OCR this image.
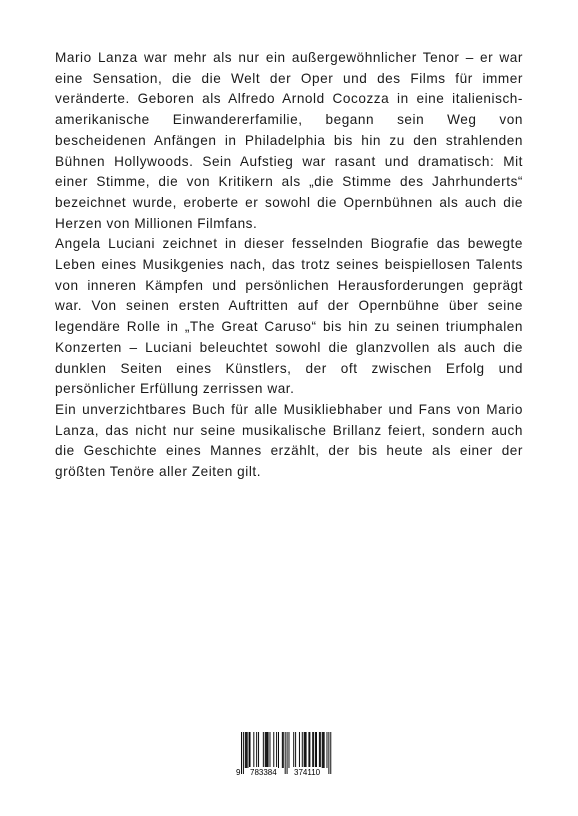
Mario Lanza war mehr als nur ein außergewöhnlicher Tenor – er war eine Sensation, die die Welt der Oper und des Films für immer veränderte. Geboren als Alfredo Arnold Cocozza in eine italienisch-amerikanische Einwandererfamilie, begann sein Weg von bescheidenen Anfängen in Philadelphia bis hin zu den strahlenden Bühnen Hollywoods. Sein Aufstieg war rasant und dramatisch: Mit einer Stimme, die von Kritikern als „die Stimme des Jahrhunderts“ bezeichnet wurde, eroberte er sowohl die Opernbühnen als auch die Herzen von Millionen Filmfans.

Angela Luciani zeichnet in dieser fesselnden Biografie das bewegte Leben eines Musikgenies nach, das trotz seines beispiellosen Talents von inneren Kämpfen und persönlichen Herausforderungen geprägt war. Von seinen ersten Auftritten auf der Opernbühne über seine legendäre Rolle in „The Great Caruso“ bis hin zu seinen triumphalen Konzerten – Luciani beleuchtet sowohl die glanzvollen als auch die dunklen Seiten eines Künstlers, der oft zwischen Erfolg und persönlicher Erfüllung zerrissen war.

Ein unverzichtbares Buch für alle Musikliebhaber und Fans von Mario Lanza, das nicht nur seine musikalische Brillanz feiert, sondern auch die Geschichte eines Mannes erzählt, der bis heute als einer der größten Tenöre aller Zeiten gilt.

9 783384 374110
